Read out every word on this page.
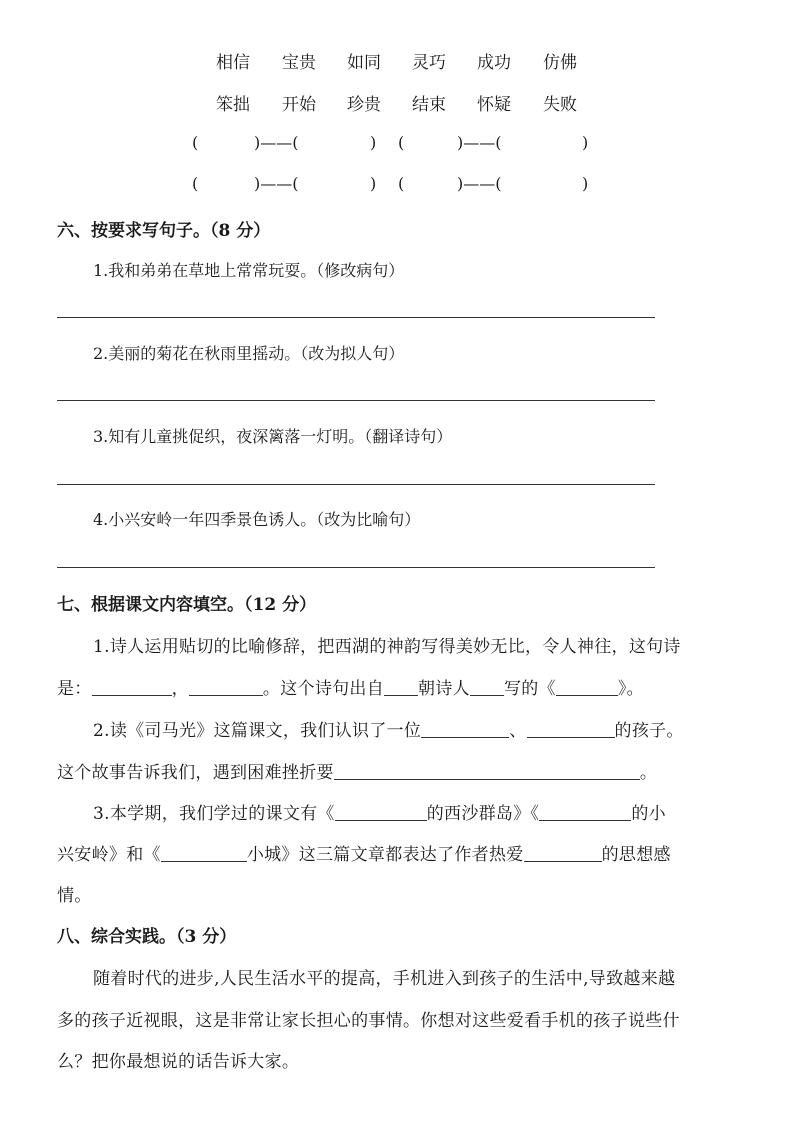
相信 宝贵 如同 灵巧 成功 仿佛
笨拙 开始 珍贵 结束 怀疑 失败
(	)——(	) (	)——(	)
(	)——(	) (	)——(	)
六、按要求写句子。（8 分）
1.我和弟弟在草地上常常玩耍。（修改病句）
2.美丽的菊花在秋雨里摇动。（改为拟人句）
3.知有儿童挑促织，夜深篱落一灯明。（翻译诗句）
4.小兴安岭一年四季景色诱人。（改为比喻句）
七、根据课文内容填空。（12 分）
1.诗人运用贴切的比喻修辞，把西湖的神韵写得美妙无比，令人神往，这句诗
是：	，	。这个诗句出自 朝诗人 写的《	》。
2.读《司马光》这篇课文，我们认识了一位	、	的孩子。
这个故事告诉我们，遇到困难挫折要	。
3.本学期，我们学过的课文有《	的西沙群岛》《	的小
兴安岭》和《	小城》这三篇文章都表达了作者热爱	的思想感
情。
八、综合实践。（3 分）
随着时代的进步,人民生活水平的提高，手机进入到孩子的生活中,导致越来越
多的孩子近视眼，这是非常让家长担心的事情。你想对这些爱看手机的孩子说些什
么？把你最想说的话告诉大家。
